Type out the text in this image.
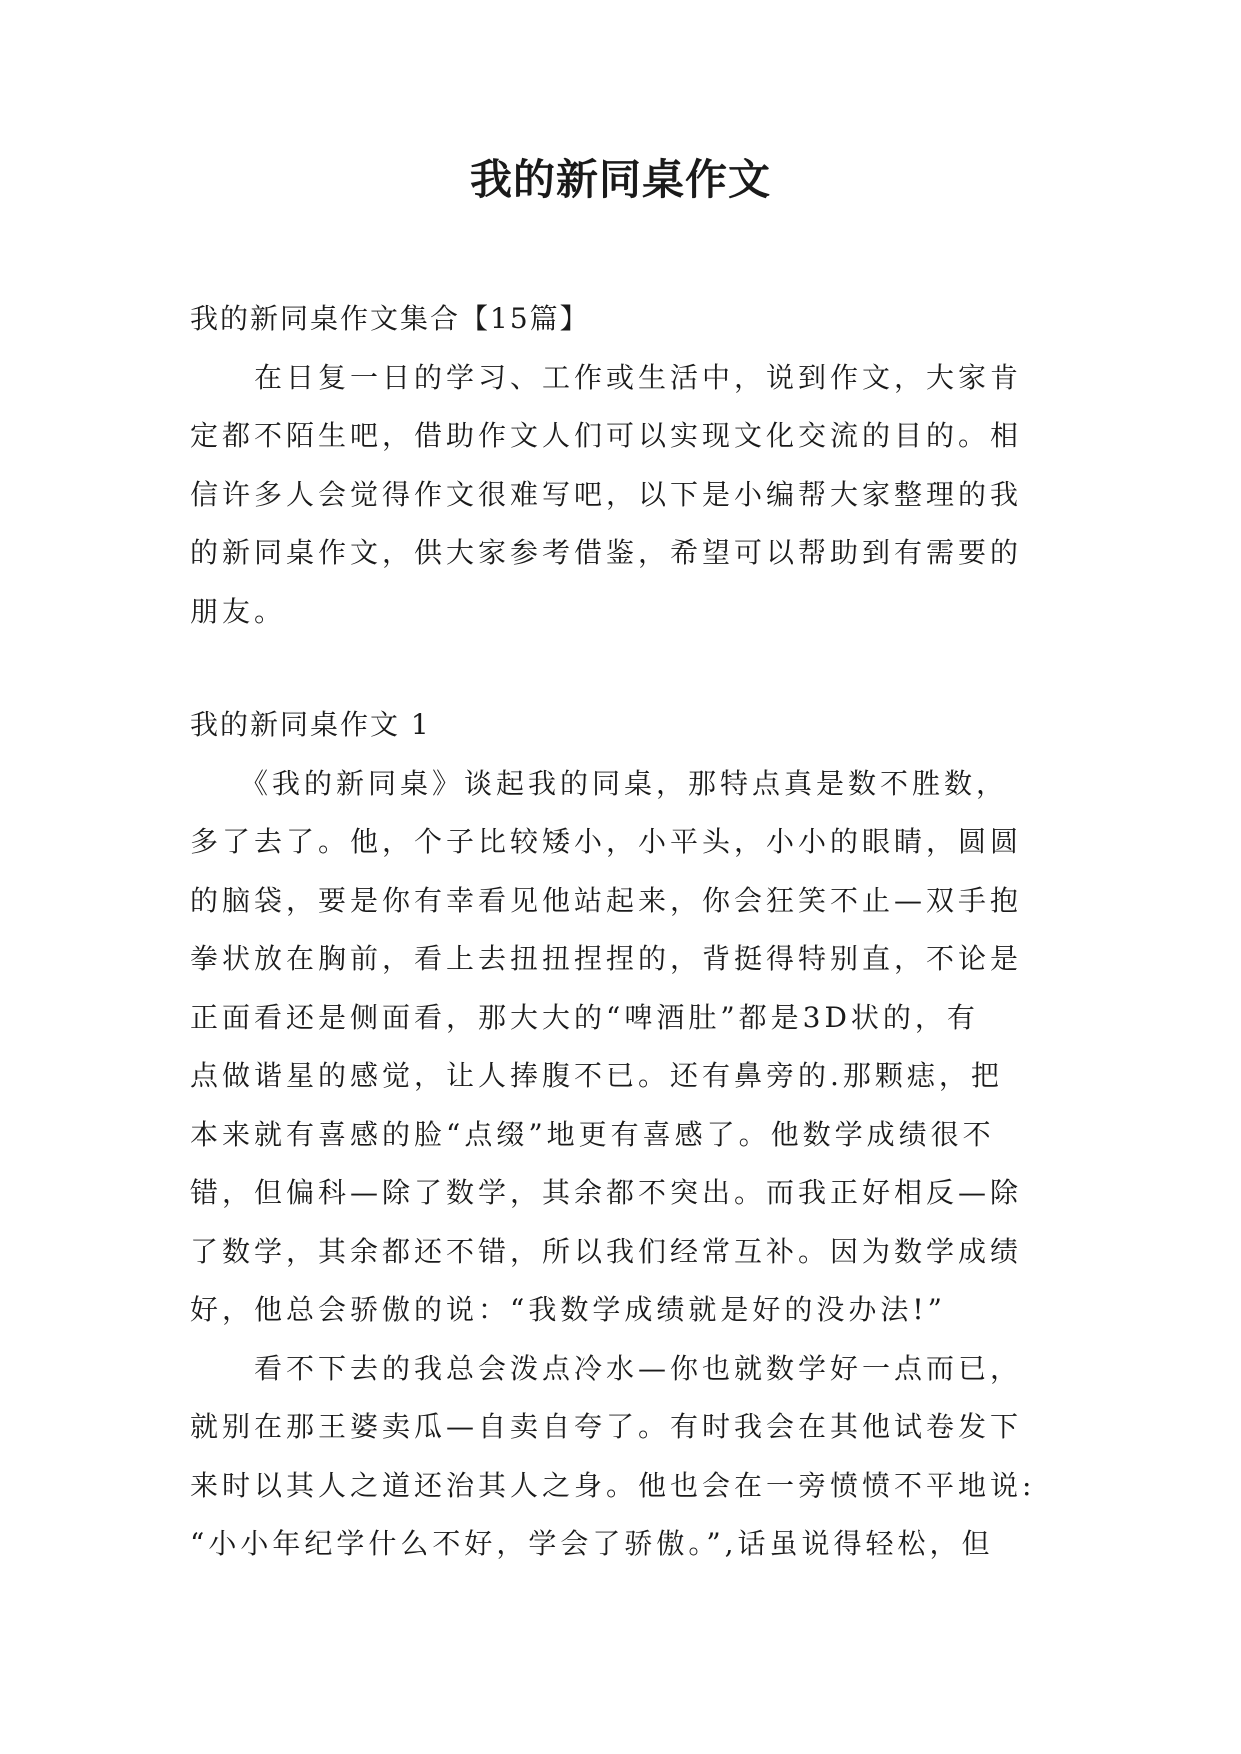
我的新同桌作文
我的新同桌作文集合【15篇】
　　在日复一日的学习、工作或生活中，说到作文，大家肯
定都不陌生吧，借助作文人们可以实现文化交流的目的。相
信许多人会觉得作文很难写吧，以下是小编帮大家整理的我
的新同桌作文，供大家参考借鉴，希望可以帮助到有需要的
朋友。
我的新同桌作文 1
　　《我的新同桌》谈起我的同桌，那特点真是数不胜数，
多了去了。他，个子比较矮小，小平头，小小的眼睛，圆圆
的脑袋，要是你有幸看见他站起来，你会狂笑不止—双手抱
拳状放在胸前，看上去扭扭捏捏的，背挺得特别直，不论是
正面看还是侧面看，那大大的“啤酒肚”都是3D状的，有
点做谐星的感觉，让人捧腹不已。还有鼻旁的.那颗痣，把
本来就有喜感的脸“点缀”地更有喜感了。他数学成绩很不
错，但偏科—除了数学，其余都不突出。而我正好相反—除
了数学，其余都还不错，所以我们经常互补。因为数学成绩
好，他总会骄傲的说：“我数学成绩就是好的没办法!”
　　看不下去的我总会泼点冷水—你也就数学好一点而已，
就别在那王婆卖瓜—自卖自夸了。有时我会在其他试卷发下
来时以其人之道还治其人之身。他也会在一旁愤愤不平地说:
“小小年纪学什么不好，学会了骄傲。”,话虽说得轻松，但
